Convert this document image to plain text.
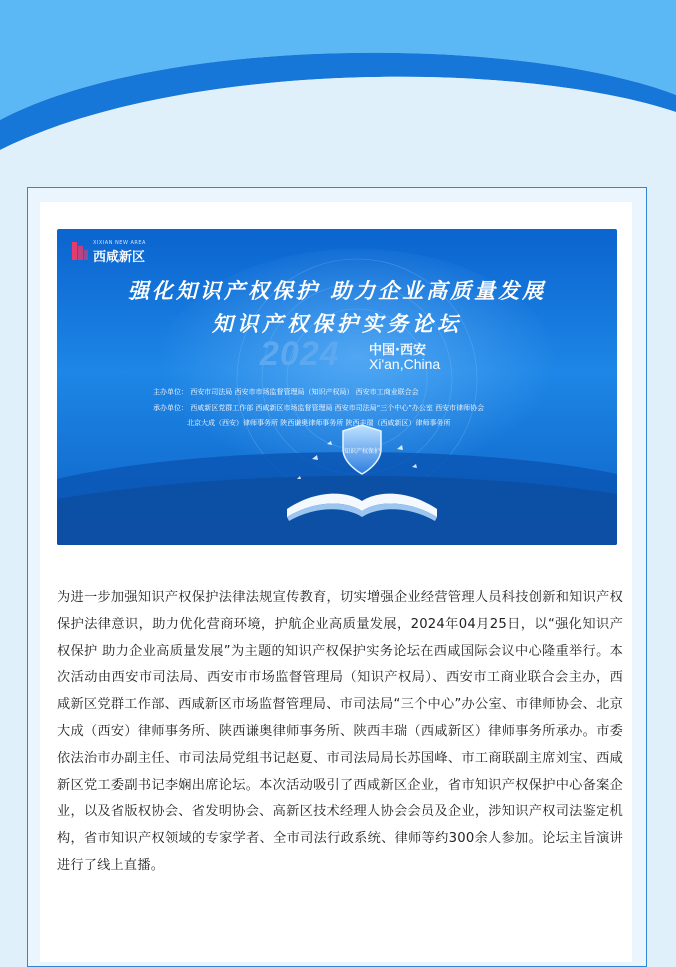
知识产权保护
XIXIAN NEW AREA
西咸新区
强化知识产权保护 助力企业高质量发展
知识产权保护实务论坛
2024 中国·西安
Xi'an,China
主办单位： 西安市司法局 西安市市场监督管理局（知识产权局） 西安市工商业联合会
承办单位： 西咸新区党群工作部 西咸新区市场监督管理局 西安市司法局“三个中心”办公室 西安市律师协会
北京大成（西安）律师事务所 陕西谦奥律师事务所 陕西丰瑞（西咸新区）律师事务所
为进一步加强知识产权保护法律法规宣传教育，切实增强企业经营管理人员科技创新和知识产权保护法律意识，助力优化营商环境，护航企业高质量发展，2024年04月25日，以“强化知识产权保护 助力企业高质量发展”为主题的知识产权保护实务论坛在西咸国际会议中心隆重举行。本次活动由西安市司法局、西安市市场监督管理局（知识产权局）、西安市工商业联合会主办，西咸新区党群工作部、西咸新区市场监督管理局、市司法局“三个中心”办公室、市律师协会、北京大成（西安）律师事务所、陕西谦奥律师事务所、陕西丰瑞（西咸新区）律师事务所承办。市委依法治市办副主任、市司法局党组书记赵夏、市司法局局长苏国峰、市工商联副主席刘宝、西咸新区党工委副书记李娴出席论坛。本次活动吸引了西咸新区企业，省市知识产权保护中心备案企业，以及省版权协会、省发明协会、高新区技术经理人协会会员及企业，涉知识产权司法鉴定机构，省市知识产权领域的专家学者、全市司法行政系统、律师等约300余人参加。论坛主旨演讲进行了线上直播。
